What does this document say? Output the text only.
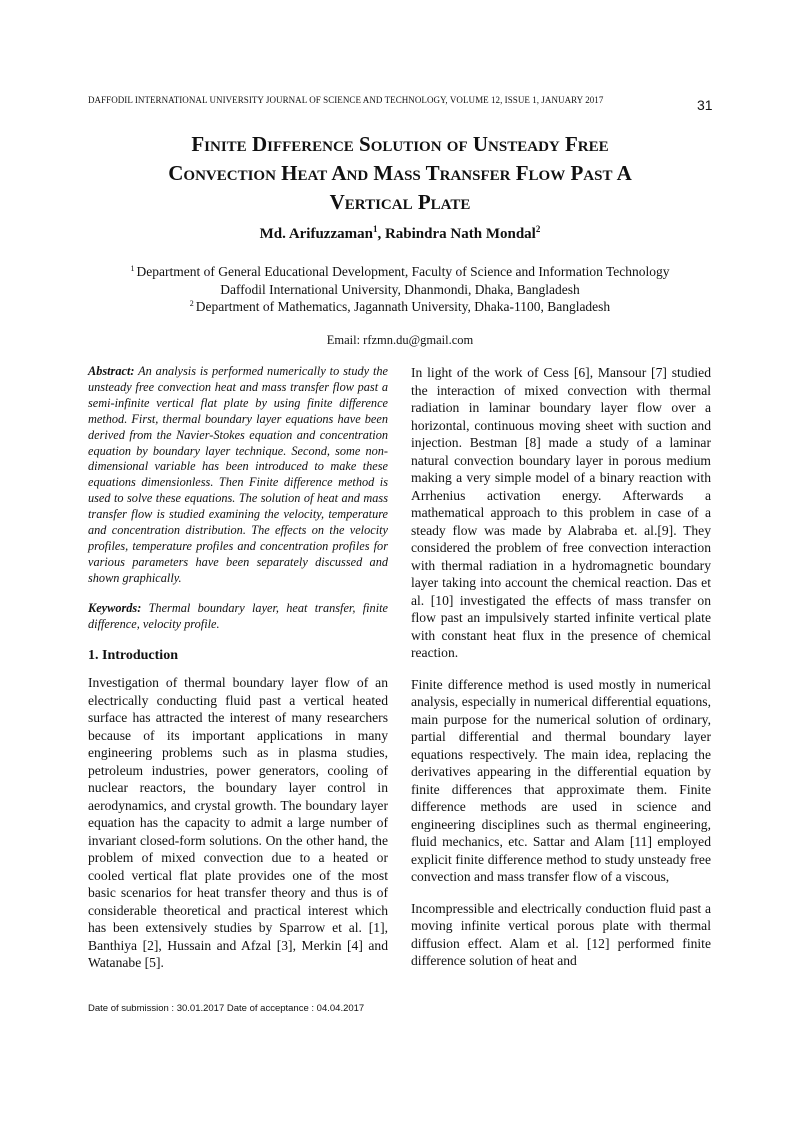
DAFFODIL INTERNATIONAL UNIVERSITY JOURNAL OF SCIENCE AND TECHNOLOGY, VOLUME 12, ISSUE 1, JANUARY 2017	31
Finite Difference Solution of Unsteady Free
Convection Heat And Mass Transfer Flow Past A
Vertical Plate
Md. Arifuzzaman$^1$, Rabindra Nath Mondal$^2$
$^1$ Department of General Educational Development, Faculty of Science and Information Technology
Daffodil International University, Dhanmondi, Dhaka, Bangladesh
$^2$ Department of Mathematics, Jagannath University, Dhaka-1100, Bangladesh
Email: rfzmn.du@gmail.com

Abstract: An analysis is performed numerically to study the unsteady free convection heat and mass transfer flow past a semi-infinite vertical flat plate by using finite difference method. First, thermal boundary layer equations have been derived from the Navier-Stokes equation and concentration equation by boundary layer technique. Second, some non-dimensional variable has been introduced to make these equations dimensionless. Then Finite difference method is used to solve these equations. The solution of heat and mass transfer flow is studied examining the velocity, temperature and concentration distribution. The effects on the velocity profiles, temperature profiles and concentration profiles for various parameters have been separately discussed and shown graphically.

Keywords: Thermal boundary layer, heat transfer, finite difference, velocity profile.

1. Introduction

Investigation of thermal boundary layer flow of an electrically conducting fluid past a vertical heated surface has attracted the interest of many researchers because of its important applications in many engineering problems such as in plasma studies, petroleum industries, power generators, cooling of nuclear reactors, the boundary layer control in aerodynamics, and crystal growth. The boundary layer equation has the capacity to admit a large number of invariant closed-form solutions. On the other hand, the problem of mixed convection due to a heated or cooled vertical flat plate provides one of the most basic scenarios for heat transfer theory and thus is of considerable theoretical and practical interest which has been extensively studies by Sparrow et al. [1], Banthiya [2], Hussain and Afzal [3], Merkin [4] and Watanabe [5].

In light of the work of Cess [6], Mansour [7] studied the interaction of mixed convection with thermal radiation in laminar boundary layer flow over a horizontal, continuous moving sheet with suction and injection. Bestman [8] made a study of a laminar natural convection boundary layer in porous medium making a very simple model of a binary reaction with Arrhenius activation energy. Afterwards a mathematical approach to this problem in case of a steady flow was made by Alabraba et. al.[9]. They considered the problem of free convection interaction with thermal radiation in a hydromagnetic boundary layer taking into account the chemical reaction. Das et al. [10] investigated the effects of mass transfer on flow past an impulsively started infinite vertical plate with constant heat flux in the presence of chemical reaction.

Finite difference method is used mostly in numerical analysis, especially in numerical differential equations, main purpose for the numerical solution of ordinary, partial differential and thermal boundary layer equations respectively. The main idea, replacing the derivatives appearing in the differential equation by finite differences that approximate them. Finite difference methods are used in science and engineering disciplines such as thermal engineering, fluid mechanics, etc. Sattar and Alam [11] employed explicit finite difference method to study unsteady free convection and mass transfer flow of a viscous,

Incompressible and electrically conduction fluid past a moving infinite vertical porous plate with thermal diffusion effect. Alam et al. [12] performed finite difference solution of heat and

Date of submission : 30.01.2017 Date of acceptance : 04.04.2017
